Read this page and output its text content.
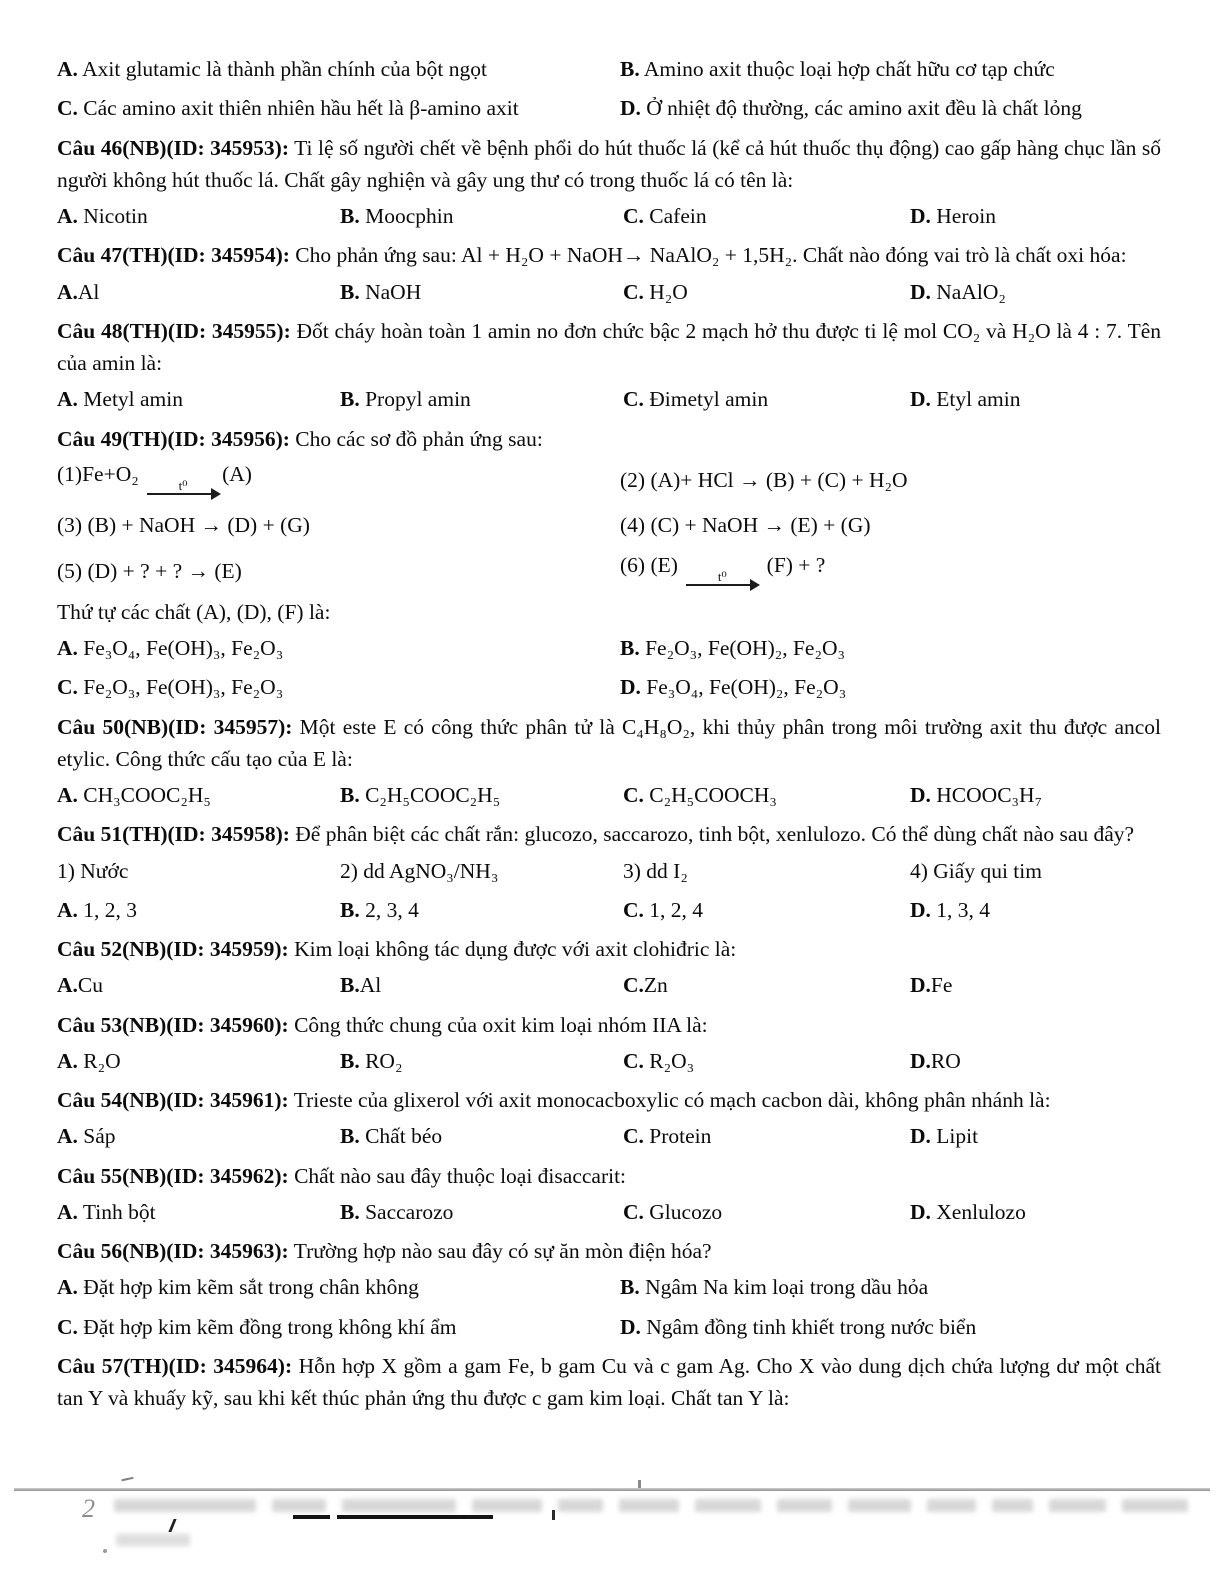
A. Axit glutamic là thành phần chính của bột ngọt	B. Amino axit thuộc loại hợp chất hữu cơ tạp chức
C. Các amino axit thiên nhiên hầu hết là β-amino axit	D. Ở nhiệt độ thường, các amino axit đều là chất lỏng

Câu 46(NB)(ID: 345953): Ti lệ số người chết về bệnh phổi do hút thuốc lá (kể cả hút thuốc thụ động) cao gấp hàng chục lần số người không hút thuốc lá. Chất gây nghiện và gây ung thư có trong thuốc lá có tên là:

A. Nicotin	B. Moocphin	C. Cafein	D. Heroin

Câu 47(TH)(ID: 345954): Cho phản ứng sau: Al + H₂O + NaOH→ NaAlO₂ + 1,5H₂. Chất nào đóng vai trò là chất oxi hóa:

A.Al	B. NaOH	C. H₂O	D. NaAlO₂

Câu 48(TH)(ID: 345955): Đốt cháy hoàn toàn 1 amin no đơn chức bậc 2 mạch hở thu được ti lệ mol CO₂ và H₂O là 4 : 7. Tên của amin là:

A. Metyl amin	B. Propyl amin	C. Đimetyl amin	D. Etyl amin

Câu 49(TH)(ID: 345956): Cho các sơ đồ phản ứng sau:

(1)Fe+O₂	t⁰ (A)	(2) (A)+ HCl → (B) + (C) + H₂O
(3) (B) + NaOH → (D) + (G)	(4) (C) + NaOH → (E) + (G)
(5) (D) + ? + ? → (E)	(6) (E)	t⁰ (F) + ?

Thứ tự các chất (A), (D), (F) là:

A. Fe₃O₄, Fe(OH)₃, Fe₂O₃	B. Fe₂O₃, Fe(OH)₂, Fe₂O₃
C. Fe₂O₃, Fe(OH)₃, Fe₂O₃	D. Fe₃O₄, Fe(OH)₂, Fe₂O₃

Câu 50(NB)(ID: 345957): Một este E có công thức phân tử là C₄H₈O₂, khi thủy phân trong môi trường axit thu được ancol etylic. Công thức cấu tạo của E là:

A. CH₃COOC₂H₅	B. C₂H₅COOC₂H₅	C. C₂H₅COOCH₃	D. HCOOC₃H₇

Câu 51(TH)(ID: 345958): Để phân biệt các chất rắn: glucozo, saccarozo, tinh bột, xenlulozo. Có thể dùng chất nào sau đây?

1) Nước	2) dd AgNO₃/NH₃	3) dd I₂	4) Giấy qui tim
A. 1, 2, 3	B. 2, 3, 4	C. 1, 2, 4	D. 1, 3, 4

Câu 52(NB)(ID: 345959): Kim loại không tác dụng được với axit clohiđric là:

A.Cu	B.Al	C.Zn	D.Fe

Câu 53(NB)(ID: 345960): Công thức chung của oxit kim loại nhóm IIA là:

A. R₂O	B. RO₂	C. R₂O₃	D.RO

Câu 54(NB)(ID: 345961): Trieste của glixerol với axit monocacboxylic có mạch cacbon dài, không phân nhánh là:

A. Sáp	B. Chất béo	C. Protein	D. Lipit

Câu 55(NB)(ID: 345962): Chất nào sau đây thuộc loại đisaccarit:

A. Tinh bột	B. Saccarozo	C. Glucozo	D. Xenlulozo

Câu 56(NB)(ID: 345963): Trường hợp nào sau đây có sự ăn mòn điện hóa?

A. Đặt hợp kim kẽm sắt trong chân không	B. Ngâm Na kim loại trong dầu hỏa
C. Đặt hợp kim kẽm đồng trong không khí ẩm	D. Ngâm đồng tinh khiết trong nước biển

Câu 57(TH)(ID: 345964): Hỗn hợp X gồm a gam Fe, b gam Cu và c gam Ag. Cho X vào dung dịch chứa lượng dư một chất tan Y và khuấy kỹ, sau khi kết thúc phản ứng thu được c gam kim loại. Chất tan Y là:

2
